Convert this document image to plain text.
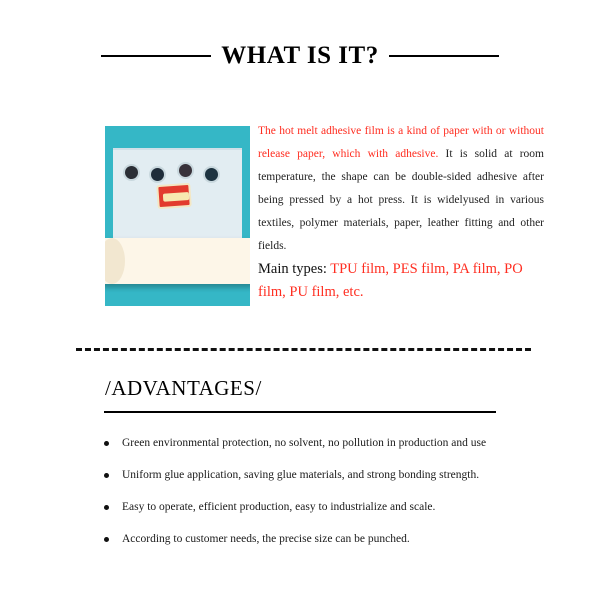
WHAT IS IT?
The hot melt adhesive film is a kind of paper with or without release paper, which with adhesive. It is solid at room temperature, the shape can be double-sided adhesive after being pressed by a hot press. It is widelyused in various textiles, polymer materials, paper, leather fitting and other fields.
Main types: TPU film, PES film, PA film, PO film, PU film, etc.
/ADVANTAGES/
Green environmental protection, no solvent, no pollution in production and use
Uniform glue application, saving glue materials, and strong bonding strength.
Easy to operate, efficient production, easy to industrialize and scale.
According to customer needs, the precise size can be punched.
